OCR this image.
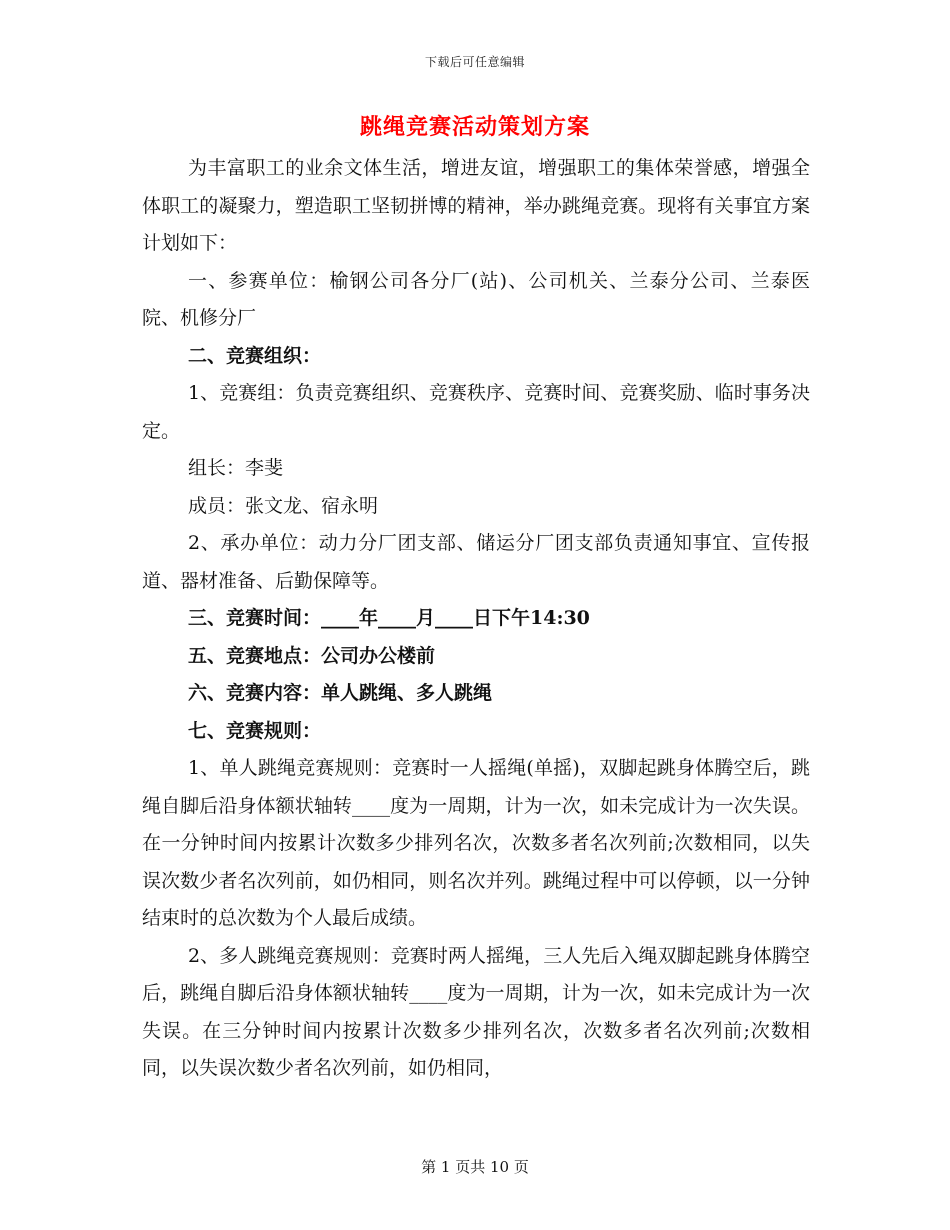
下载后可任意编辑
跳绳竞赛活动策划方案

为丰富职工的业余文体生活，增进友谊，增强职工的集体荣誉感，增强全体职工的凝聚力，塑造职工坚韧拼博的精神，举办跳绳竞赛。现将有关事宜方案计划如下：

一、参赛单位：榆钢公司各分厂(站)、公司机关、兰泰分公司、兰泰医院、机修分厂

二、竞赛组织：

1、竞赛组：负责竞赛组织、竞赛秩序、竞赛时间、竞赛奖励、临时事务决定。

组长：李斐

成员：张文龙、宿永明

2、承办单位：动力分厂团支部、储运分厂团支部负责通知事宜、宣传报道、器材准备、后勤保障等。

三、竞赛时间：____年____月____日下午14:30

五、竞赛地点：公司办公楼前

六、竞赛内容：单人跳绳、多人跳绳

七、竞赛规则：

1、单人跳绳竞赛规则：竞赛时一人摇绳(单摇)，双脚起跳身体腾空后，跳绳自脚后沿身体额状轴转____度为一周期，计为一次，如未完成计为一次失误。在一分钟时间内按累计次数多少排列名次，次数多者名次列前;次数相同，以失误次数少者名次列前，如仍相同，则名次并列。跳绳过程中可以停顿，以一分钟结束时的总次数为个人最后成绩。

2、多人跳绳竞赛规则：竞赛时两人摇绳，三人先后入绳双脚起跳身体腾空后，跳绳自脚后沿身体额状轴转____度为一周期，计为一次，如未完成计为一次失误。在三分钟时间内按累计次数多少排列名次，次数多者名次列前;次数相同，以失误次数少者名次列前，如仍相同，

第 1 页共 10 页
